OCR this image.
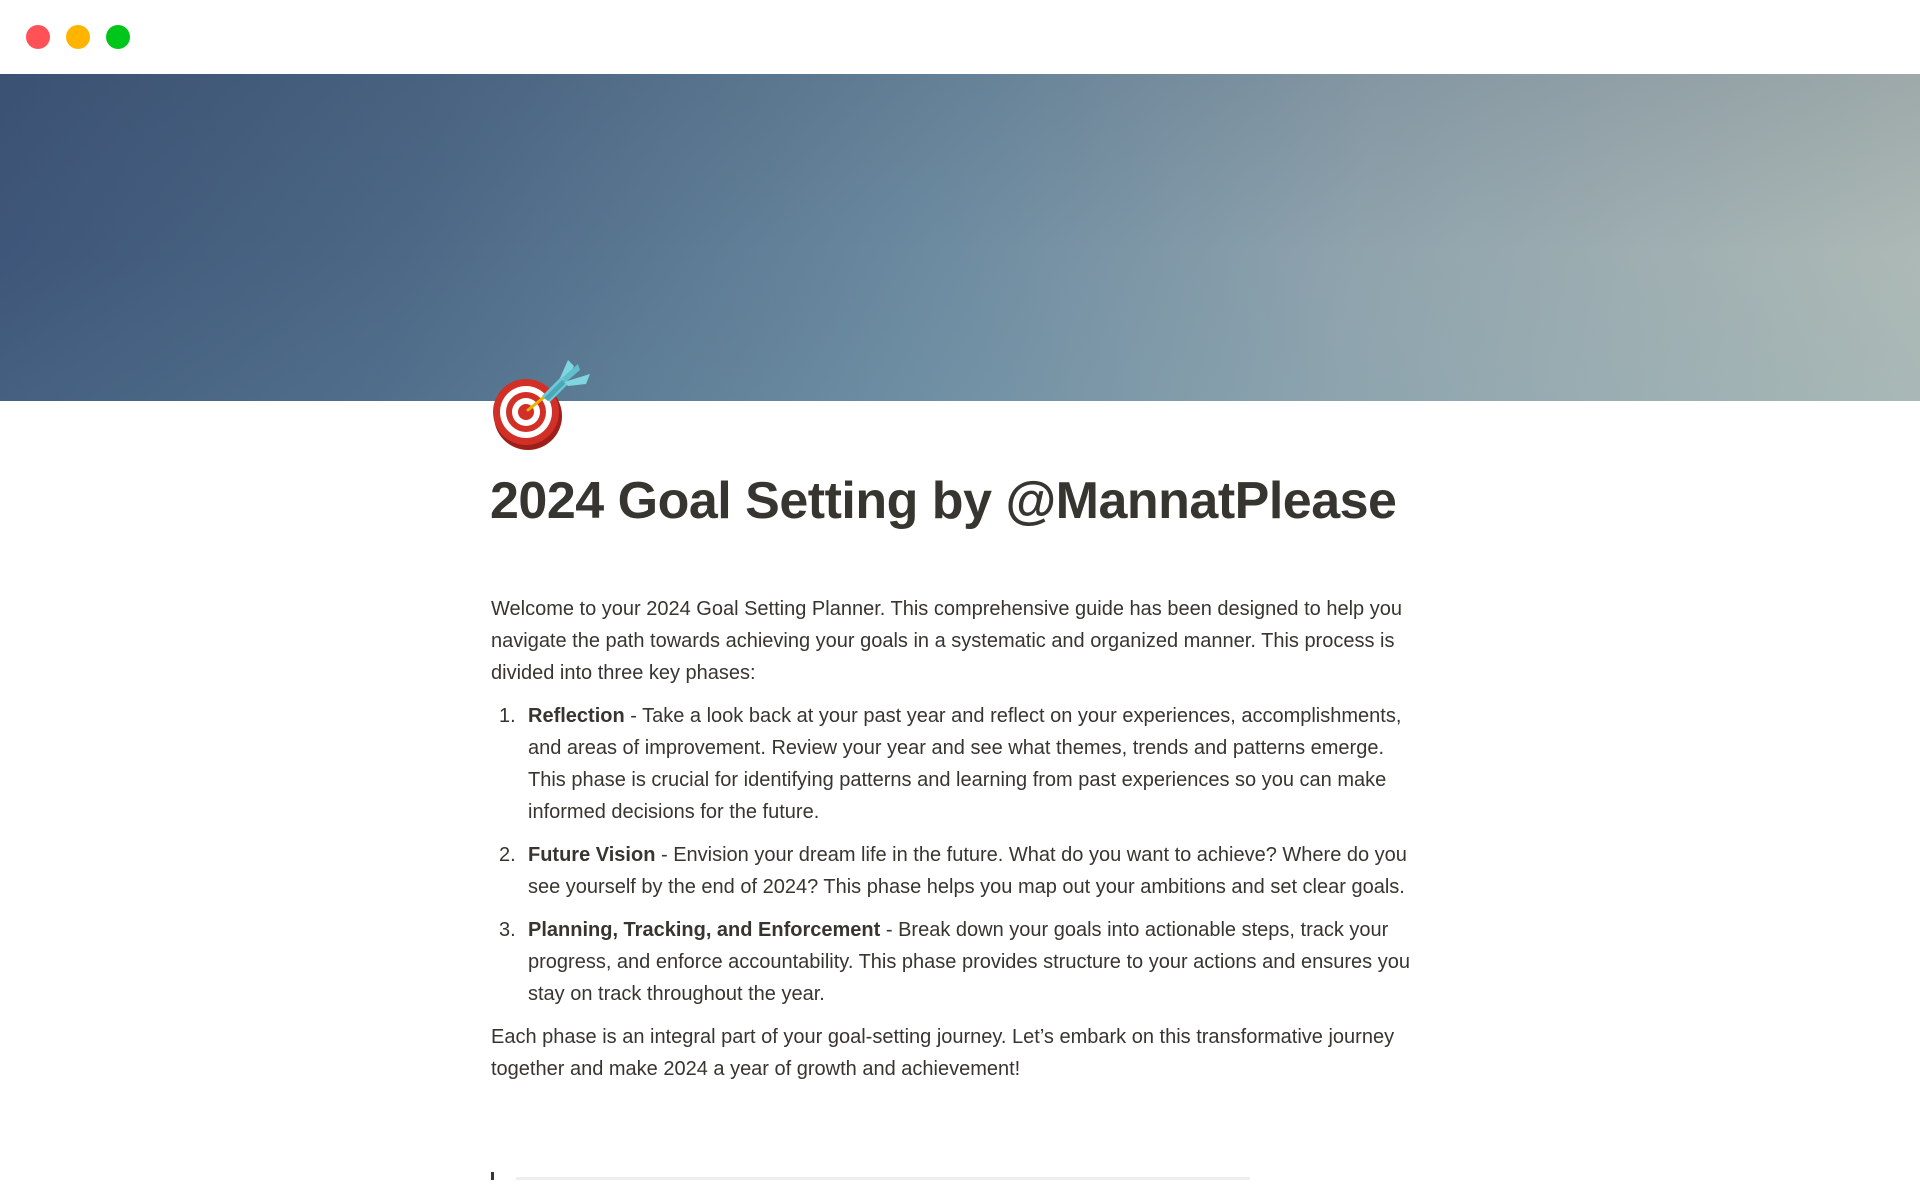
2024 Goal Setting by @MannatPlease

Welcome to your 2024 Goal Setting Planner. This comprehensive guide has been designed to help you navigate the path towards achieving your goals in a systematic and organized manner. This process is divided into three key phases:

1. Reflection - Take a look back at your past year and reflect on your experiences, accomplishments, and areas of improvement. Review your year and see what themes, trends and patterns emerge. This phase is crucial for identifying patterns and learning from past experiences so you can make informed decisions for the future.
2. Future Vision - Envision your dream life in the future. What do you want to achieve? Where do you see yourself by the end of 2024? This phase helps you map out your ambitions and set clear goals.
3. Planning, Tracking, and Enforcement - Break down your goals into actionable steps, track your progress, and enforce accountability. This phase provides structure to your actions and ensures you stay on track throughout the year.

Each phase is an integral part of your goal-setting journey. Let’s embark on this transformative journey together and make 2024 a year of growth and achievement!
